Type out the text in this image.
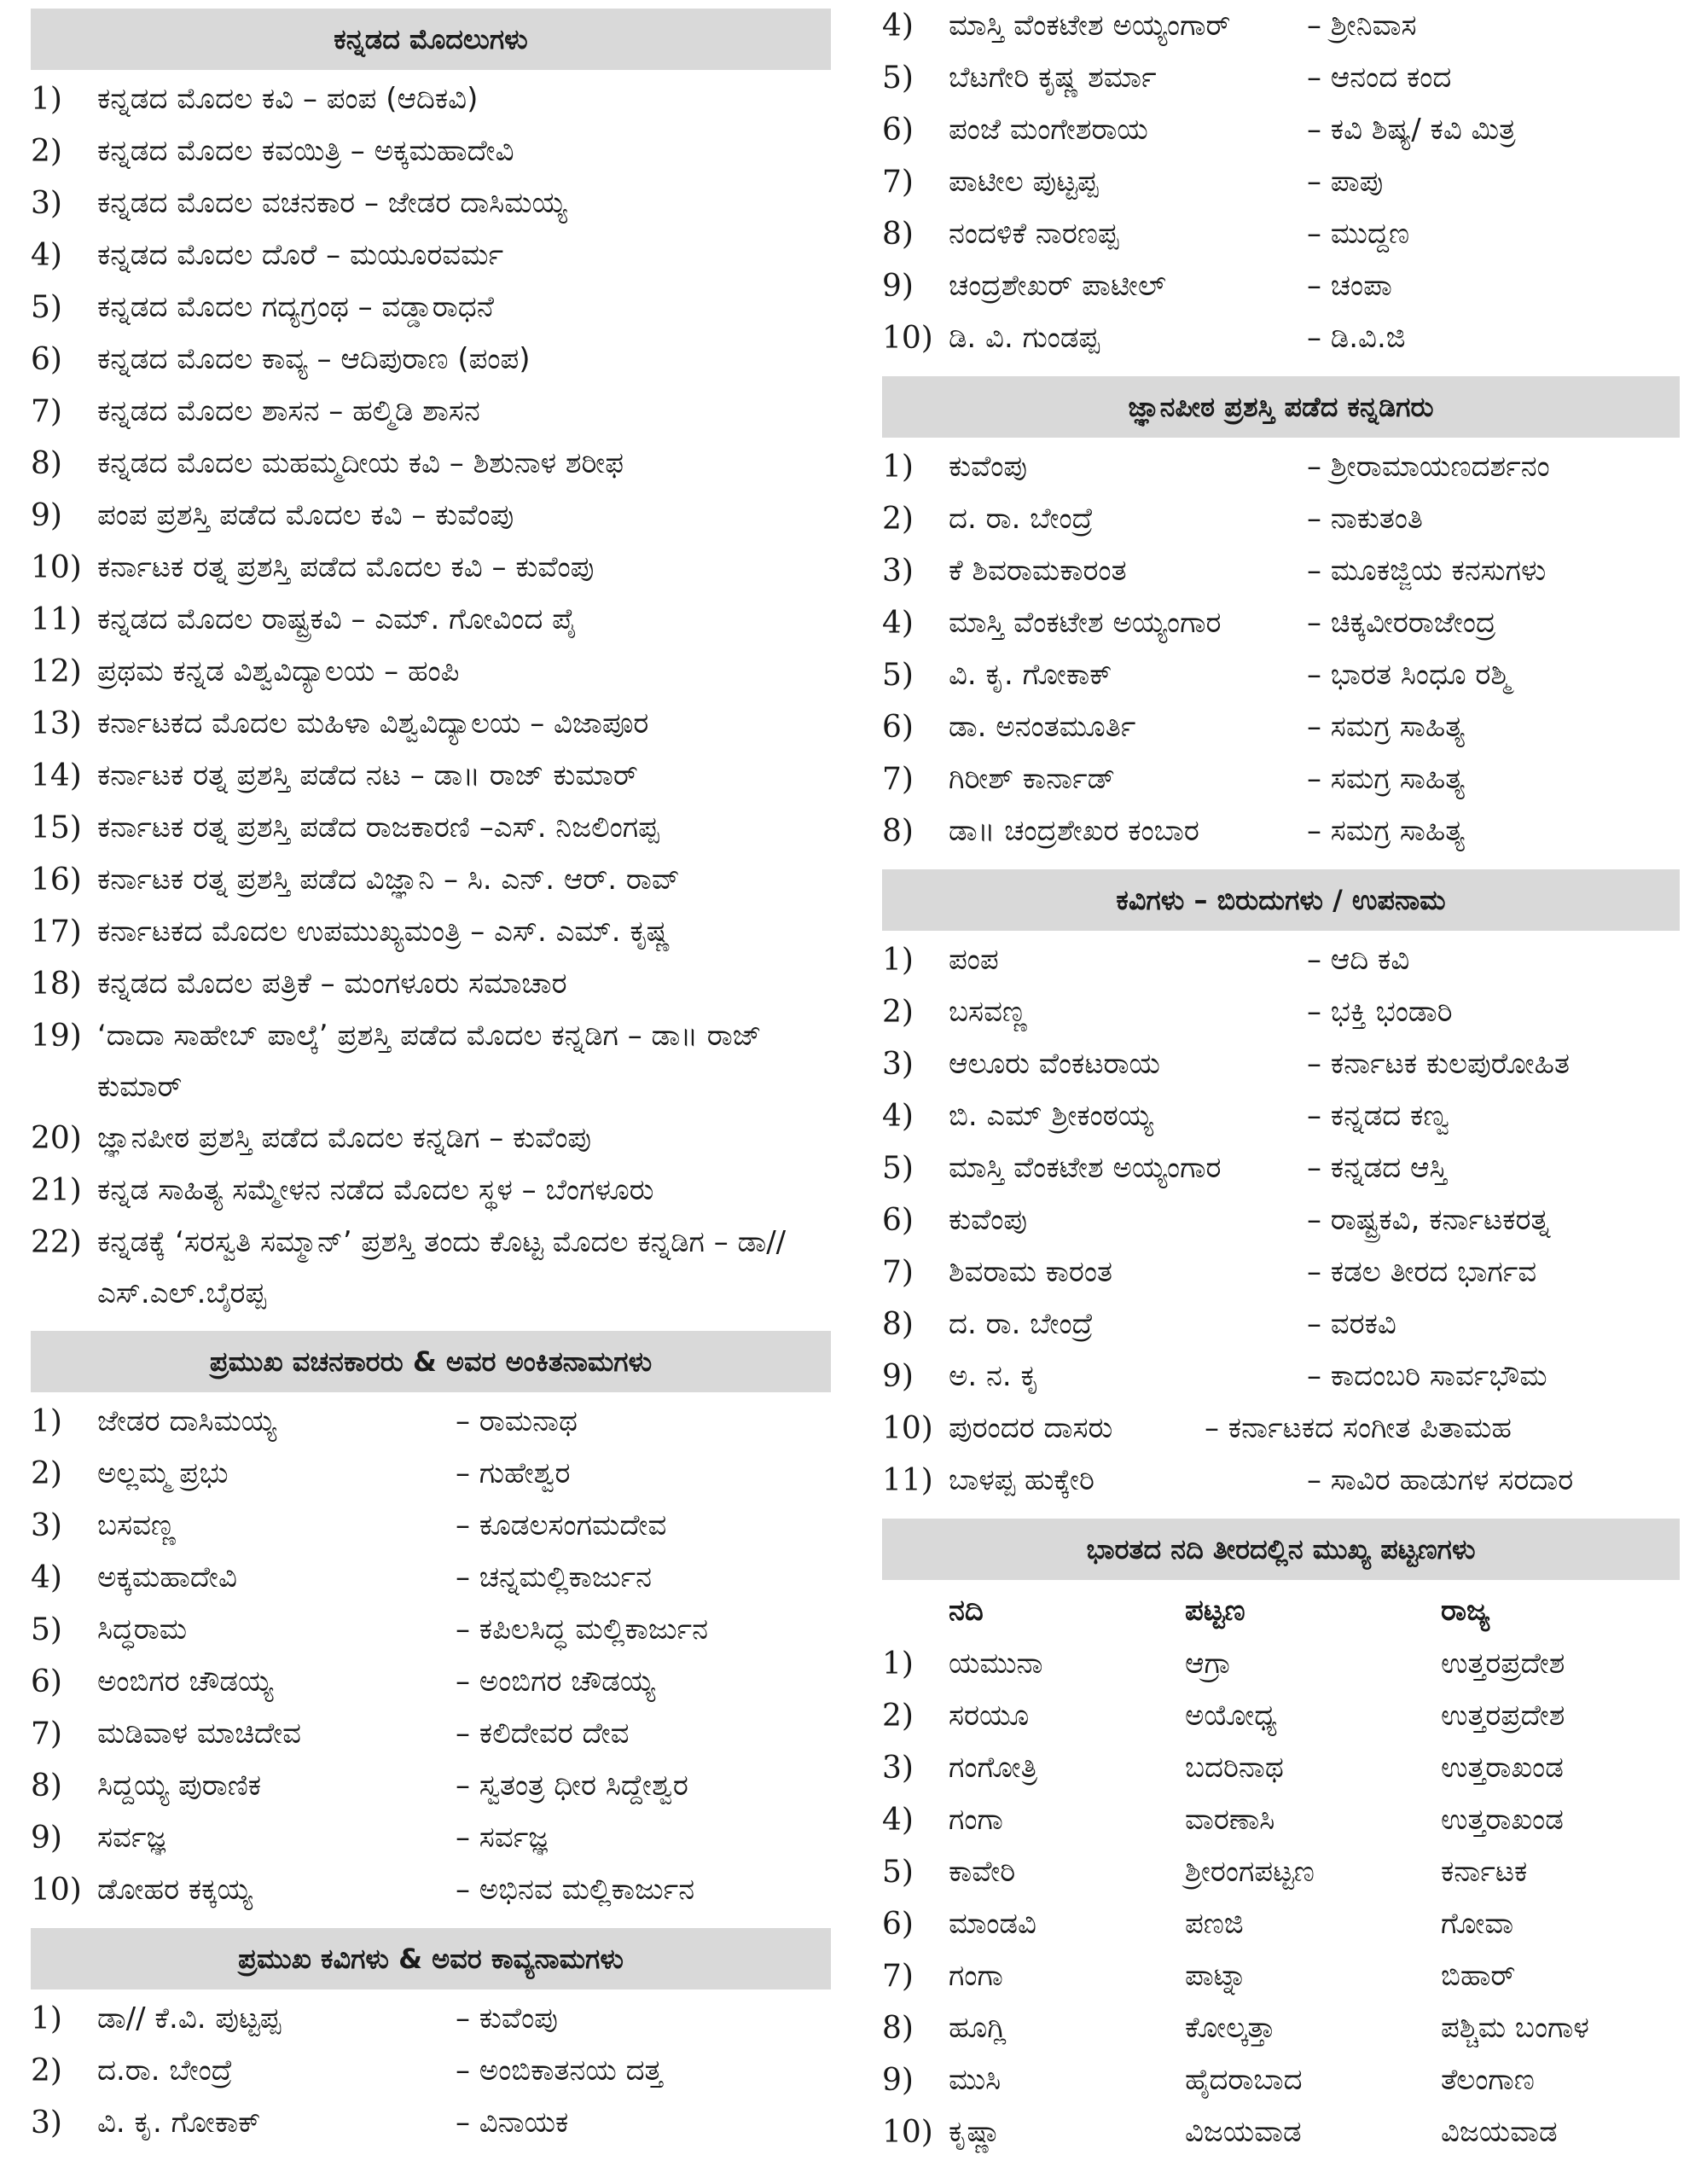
ಕನ್ನಡದ ಮೊದಲುಗಳು
1)	ಕನ್ನಡದ ಮೊದಲ ಕವಿ – ಪಂಪ (ಆದಿಕವಿ)
2)	ಕನ್ನಡದ ಮೊದಲ ಕವಯಿತ್ರಿ – ಅಕ್ಕಮಹಾದೇವಿ
3)	ಕನ್ನಡದ ಮೊದಲ ವಚನಕಾರ – ಜೇಡರ ದಾಸಿಮಯ್ಯ
4)	ಕನ್ನಡದ ಮೊದಲ ದೊರೆ – ಮಯೂರವರ್ಮ
5)	ಕನ್ನಡದ ಮೊದಲ ಗದ್ಯಗ್ರಂಥ – ವಡ್ಡಾರಾಧನೆ
6)	ಕನ್ನಡದ ಮೊದಲ ಕಾವ್ಯ – ಆದಿಪುರಾಣ (ಪಂಪ)
7)	ಕನ್ನಡದ ಮೊದಲ ಶಾಸನ – ಹಲ್ಮಿಡಿ ಶಾಸನ
8)	ಕನ್ನಡದ ಮೊದಲ ಮಹಮ್ಮದೀಯ ಕವಿ – ಶಿಶುನಾಳ ಶರೀಫ
9)	ಪಂಪ ಪ್ರಶಸ್ತಿ ಪಡೆದ ಮೊದಲ ಕವಿ – ಕುವೆಂಪು
10) ಕರ್ನಾಟಕ ರತ್ನ ಪ್ರಶಸ್ತಿ ಪಡೆದ ಮೊದಲ ಕವಿ – ಕುವೆಂಪು
11) ಕನ್ನಡದ ಮೊದಲ ರಾಷ್ಟ್ರಕವಿ – ಎಮ್. ಗೋವಿಂದ ಪೈ
12) ಪ್ರಥಮ ಕನ್ನಡ ವಿಶ್ವವಿದ್ಯಾಲಯ – ಹಂಪಿ
13) ಕರ್ನಾಟಕದ ಮೊದಲ ಮಹಿಳಾ ವಿಶ್ವವಿದ್ಯಾಲಯ – ವಿಜಾಪೂರ
14) ಕರ್ನಾಟಕ ರತ್ನ ಪ್ರಶಸ್ತಿ ಪಡೆದ ನಟ – ಡಾ॥ ರಾಜ್ ಕುಮಾರ್
15) ಕರ್ನಾಟಕ ರತ್ನ ಪ್ರಶಸ್ತಿ ಪಡೆದ ರಾಜಕಾರಣಿ –ಎಸ್. ನಿಜಲಿಂಗಪ್ಪ
16) ಕರ್ನಾಟಕ ರತ್ನ ಪ್ರಶಸ್ತಿ ಪಡೆದ ವಿಜ್ಞಾನಿ – ಸಿ. ಎನ್. ಆರ್. ರಾವ್
17) ಕರ್ನಾಟಕದ ಮೊದಲ ಉಪಮುಖ್ಯಮಂತ್ರಿ – ಎಸ್. ಎಮ್. ಕೃಷ್ಣ
18) ಕನ್ನಡದ ಮೊದಲ ಪತ್ರಿಕೆ – ಮಂಗಳೂರು ಸಮಾಚಾರ
19) ‘ದಾದಾ ಸಾಹೇಬ್ ಪಾಲ್ಕೆ’ ಪ್ರಶಸ್ತಿ ಪಡೆದ ಮೊದಲ ಕನ್ನಡಿಗ – ಡಾ॥ ರಾಜ್ ಕುಮಾರ್
20) ಜ್ಞಾನಪೀಠ ಪ್ರಶಸ್ತಿ ಪಡೆದ ಮೊದಲ ಕನ್ನಡಿಗ – ಕುವೆಂಪು
21) ಕನ್ನಡ ಸಾಹಿತ್ಯ ಸಮ್ಮೇಳನ ನಡೆದ ಮೊದಲ ಸ್ಥಳ – ಬೆಂಗಳೂರು
22) ಕನ್ನಡಕ್ಕೆ ‘ಸರಸ್ವತಿ ಸಮ್ಮಾನ್’ ಪ್ರಶಸ್ತಿ ತಂದು ಕೊಟ್ಟ ಮೊದಲ ಕನ್ನಡಿಗ – ಡಾ//ಎಸ್.ಎಲ್.ಬೈರಪ್ಪ
ಪ್ರಮುಖ ವಚನಕಾರರು & ಅವರ ಅಂಕಿತನಾಮಗಳು
1)	ಜೇಡರ ದಾಸಿಮಯ್ಯ	– ರಾಮನಾಥ
2)	ಅಲ್ಲಮ್ಮ ಪ್ರಭು	– ಗುಹೇಶ್ವರ
3)	ಬಸವಣ್ಣ	– ಕೂಡಲಸಂಗಮದೇವ
4)	ಅಕ್ಕಮಹಾದೇವಿ	– ಚನ್ನಮಲ್ಲಿಕಾರ್ಜುನ
5)	ಸಿದ್ಧರಾಮ	– ಕಪಿಲಸಿದ್ಧ ಮಲ್ಲಿಕಾರ್ಜುನ
6)	ಅಂಬಿಗರ ಚೌಡಯ್ಯ	– ಅಂಬಿಗರ ಚೌಡಯ್ಯ
7)	ಮಡಿವಾಳ ಮಾಚಿದೇವ	– ಕಲಿದೇವರ ದೇವ
8)	ಸಿದ್ದಯ್ಯ ಪುರಾಣಿಕ	– ಸ್ವತಂತ್ರ ಧೀರ ಸಿದ್ದೇಶ್ವರ
9)	ಸರ್ವಜ್ಞ	– ಸರ್ವಜ್ಞ
10) ಡೋಹರ ಕಕ್ಕಯ್ಯ	– ಅಭಿನವ ಮಲ್ಲಿಕಾರ್ಜುನ
ಪ್ರಮುಖ ಕವಿಗಳು & ಅವರ ಕಾವ್ಯನಾಮಗಳು
1)	ಡಾ// ಕೆ.ವಿ. ಪುಟ್ಟಪ್ಪ	– ಕುವೆಂಪು
2)	ದ.ರಾ. ಬೇಂದ್ರೆ	– ಅಂಬಿಕಾತನಯ ದತ್ತ
3)	ವಿ. ಕೃ. ಗೋಕಾಕ್	– ವಿನಾಯಕ
4)	ಮಾಸ್ತಿ ವೆಂಕಟೇಶ ಅಯ್ಯಂಗಾರ್	– ಶ್ರೀನಿವಾಸ
5)	ಬೆಟಗೇರಿ ಕೃಷ್ಣ ಶರ್ಮಾ	– ಆನಂದ ಕಂದ
6)	ಪಂಜೆ ಮಂಗೇಶರಾಯ	– ಕವಿ ಶಿಷ್ಯ/ ಕವಿ ಮಿತ್ರ
7)	ಪಾಟೀಲ ಪುಟ್ಟಪ್ಪ	– ಪಾಪು
8)	ನಂದಳಿಕೆ ನಾರಣಪ್ಪ	– ಮುದ್ದಣ
9)	ಚಂದ್ರಶೇಖರ್ ಪಾಟೀಲ್	– ಚಂಪಾ
10) ಡಿ. ವಿ. ಗುಂಡಪ್ಪ	– ಡಿ.ವಿ.ಜಿ
ಜ್ಞಾನಪೀಠ ಪ್ರಶಸ್ತಿ ಪಡೆದ ಕನ್ನಡಿಗರು
1)	ಕುವೆಂಪು	– ಶ್ರೀರಾಮಾಯಣದರ್ಶನಂ
2)	ದ. ರಾ. ಬೇಂದ್ರೆ	– ನಾಕುತಂತಿ
3)	ಕೆ ಶಿವರಾಮಕಾರಂತ	– ಮೂಕಜ್ಜಿಯ ಕನಸುಗಳು
4)	ಮಾಸ್ತಿ ವೆಂಕಟೇಶ ಅಯ್ಯಂಗಾರ	– ಚಿಕ್ಕವೀರರಾಜೇಂದ್ರ
5)	ವಿ. ಕೃ. ಗೋಕಾಕ್	– ಭಾರತ ಸಿಂಧೂ ರಶ್ಮಿ
6)	ಡಾ. ಅನಂತಮೂರ್ತಿ	– ಸಮಗ್ರ ಸಾಹಿತ್ಯ
7)	ಗಿರೀಶ್ ಕಾರ್ನಾಡ್	– ಸಮಗ್ರ ಸಾಹಿತ್ಯ
8)	ಡಾ॥ ಚಂದ್ರಶೇಖರ ಕಂಬಾರ	– ಸಮಗ್ರ ಸಾಹಿತ್ಯ
ಕವಿಗಳು – ಬಿರುದುಗಳು / ಉಪನಾಮ
1)	ಪಂಪ	– ಆದಿ ಕವಿ
2)	ಬಸವಣ್ಣ	– ಭಕ್ತಿ ಭಂಡಾರಿ
3)	ಆಲೂರು ವೆಂಕಟರಾಯ	– ಕರ್ನಾಟಕ ಕುಲಪುರೋಹಿತ
4)	ಬಿ. ಎಮ್ ಶ್ರೀಕಂಠಯ್ಯ	– ಕನ್ನಡದ ಕಣ್ವ
5)	ಮಾಸ್ತಿ ವೆಂಕಟೇಶ ಅಯ್ಯಂಗಾರ	– ಕನ್ನಡದ ಆಸ್ತಿ
6)	ಕುವೆಂಪು	– ರಾಷ್ಟ್ರಕವಿ, ಕರ್ನಾಟಕರತ್ನ
7)	ಶಿವರಾಮ ಕಾರಂತ	– ಕಡಲ ತೀರದ ಭಾರ್ಗವ
8)	ದ. ರಾ. ಬೇಂದ್ರೆ	– ವರಕವಿ
9)	ಅ. ನ. ಕೃ	– ಕಾದಂಬರಿ ಸಾರ್ವಭೌಮ
10) ಪುರಂದರ ದಾಸರು	– ಕರ್ನಾಟಕದ ಸಂಗೀತ ಪಿತಾಮಹ
11) ಬಾಳಪ್ಪ ಹುಕ್ಕೇರಿ	– ಸಾವಿರ ಹಾಡುಗಳ ಸರದಾರ
ಭಾರತದ ನದಿ ತೀರದಲ್ಲಿನ ಮುಖ್ಯ ಪಟ್ಟಣಗಳು
ನದಿ	ಪಟ್ಟಣ	ರಾಜ್ಯ
1)	ಯಮುನಾ	ಆಗ್ರಾ	ಉತ್ತರಪ್ರದೇಶ
2)	ಸರಯೂ	ಅಯೋಧ್ಯ	ಉತ್ತರಪ್ರದೇಶ
3)	ಗಂಗೋತ್ರಿ	ಬದರಿನಾಥ	ಉತ್ತರಾಖಂಡ
4)	ಗಂಗಾ	ವಾರಣಾಸಿ	ಉತ್ತರಾಖಂಡ
5)	ಕಾವೇರಿ	ಶ್ರೀರಂಗಪಟ್ಟಣ	ಕರ್ನಾಟಕ
6)	ಮಾಂಡವಿ	ಪಣಜಿ	ಗೋವಾ
7)	ಗಂಗಾ	ಪಾಟ್ನಾ	ಬಿಹಾರ್
8)	ಹೂಗ್ಲಿ	ಕೋಲ್ಕತ್ತಾ	ಪಶ್ಚಿಮ ಬಂಗಾಳ
9)	ಮುಸಿ	ಹೈದರಾಬಾದ	ತೆಲಂಗಾಣ
10) ಕೃಷ್ಣಾ	ವಿಜಯವಾಡ	ವಿಜಯವಾಡ
